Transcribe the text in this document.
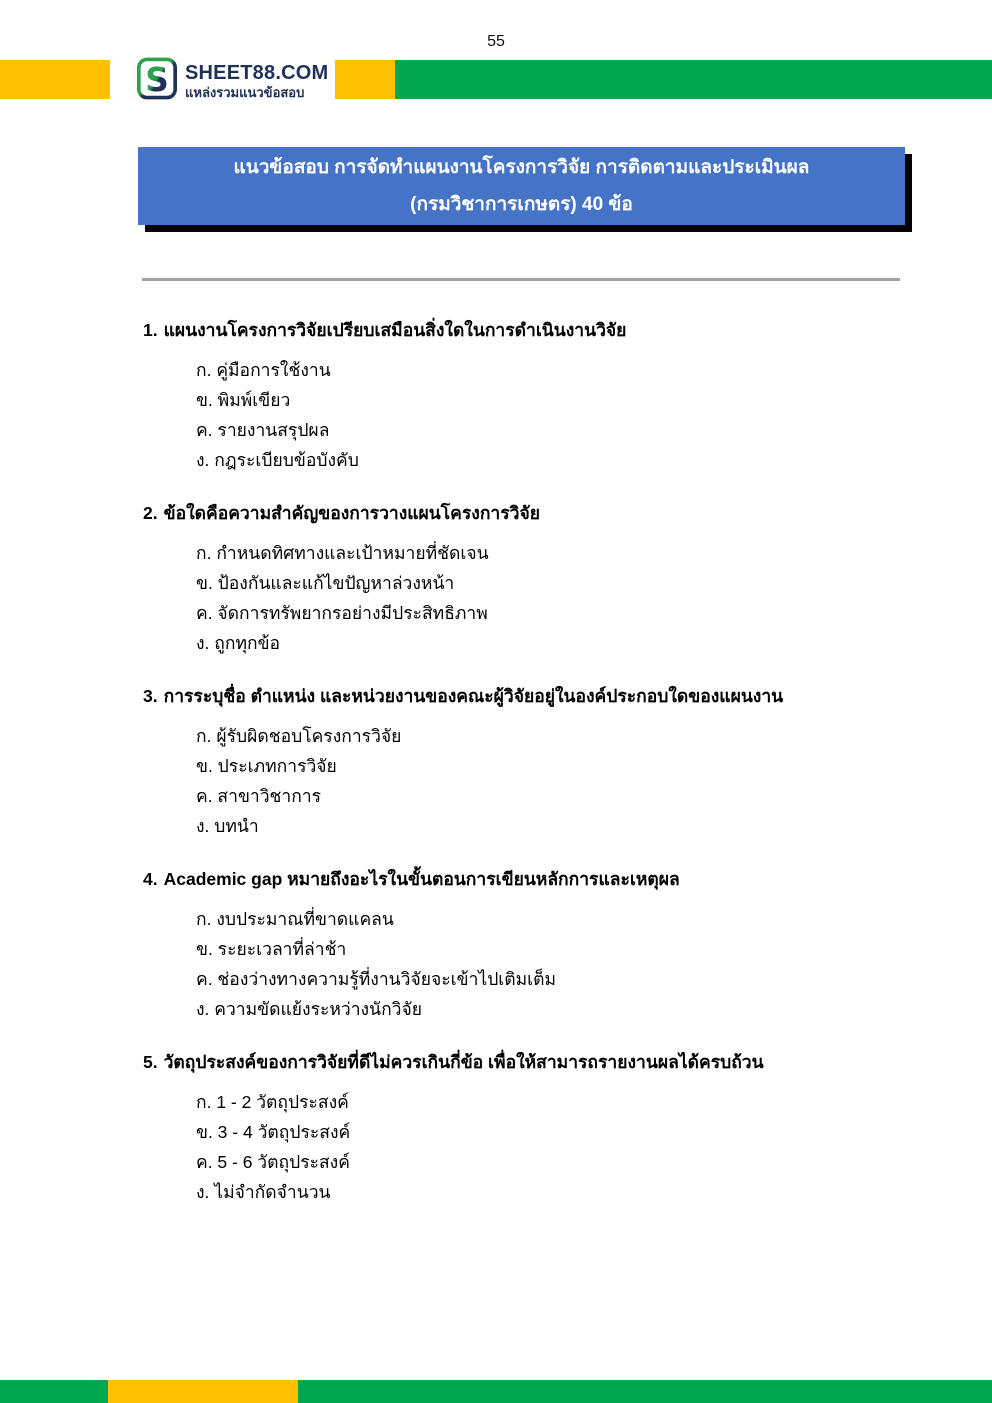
55
S SHEET88.COM
แหล่งรวมแนวข้อสอบ
แนวข้อสอบ การจัดทำแผนงานโครงการวิจัย การติดตามและประเมินผล
(กรมวิชาการเกษตร) 40 ข้อ
1. แผนงานโครงการวิจัยเปรียบเสมือนสิ่งใดในการดำเนินงานวิจัย
ก. คู่มือการใช้งาน
ข. พิมพ์เขียว
ค. รายงานสรุปผล
ง. กฎระเบียบข้อบังคับ
2. ข้อใดคือความสำคัญของการวางแผนโครงการวิจัย
ก. กำหนดทิศทางและเป้าหมายที่ชัดเจน
ข. ป้องกันและแก้ไขปัญหาล่วงหน้า
ค. จัดการทรัพยากรอย่างมีประสิทธิภาพ
ง. ถูกทุกข้อ
3. การระบุชื่อ ตำแหน่ง และหน่วยงานของคณะผู้วิจัยอยู่ในองค์ประกอบใดของแผนงาน
ก. ผู้รับผิดชอบโครงการวิจัย
ข. ประเภทการวิจัย
ค. สาขาวิชาการ
ง. บทนำ
4. Academic gap หมายถึงอะไรในขั้นตอนการเขียนหลักการและเหตุผล
ก. งบประมาณที่ขาดแคลน
ข. ระยะเวลาที่ล่าช้า
ค. ช่องว่างทางความรู้ที่งานวิจัยจะเข้าไปเติมเต็ม
ง. ความขัดแย้งระหว่างนักวิจัย
5. วัตถุประสงค์ของการวิจัยที่ดีไม่ควรเกินกี่ข้อ เพื่อให้สามารถรายงานผลได้ครบถ้วน
ก. 1 - 2 วัตถุประสงค์
ข. 3 - 4 วัตถุประสงค์
ค. 5 - 6 วัตถุประสงค์
ง. ไม่จำกัดจำนวน
